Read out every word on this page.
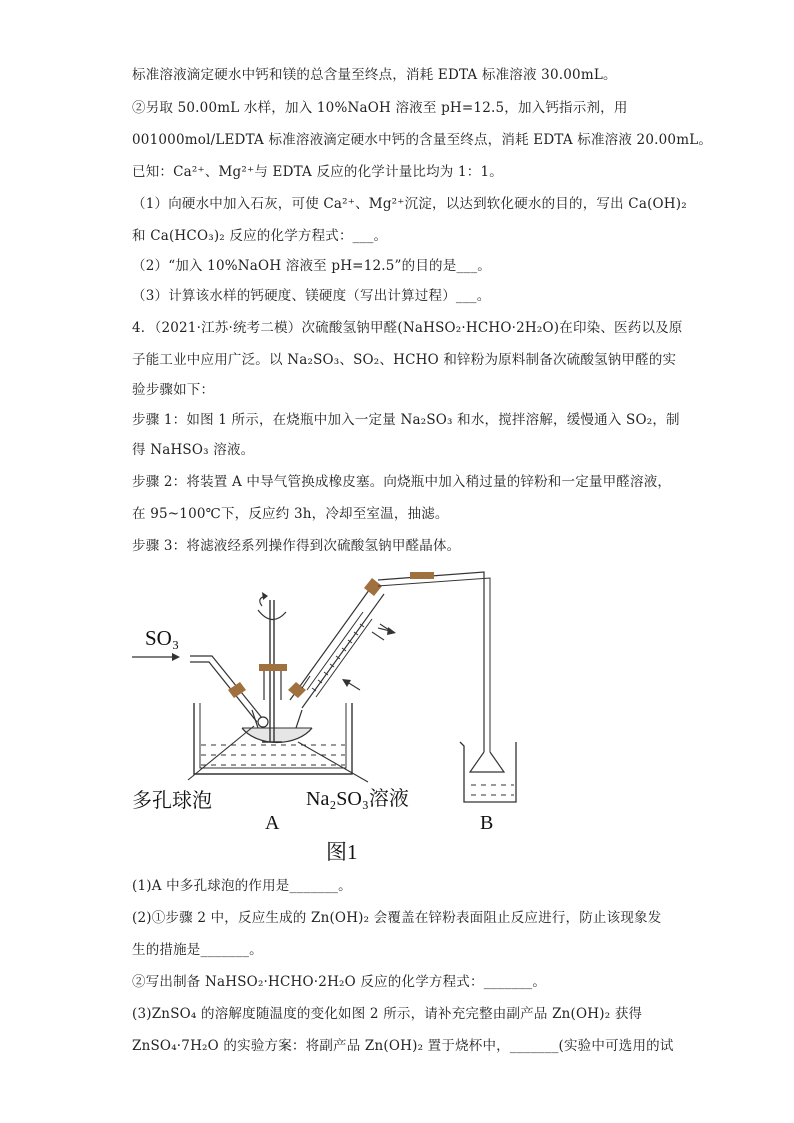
标准溶液滴定硬水中钙和镁的总含量至终点，消耗 EDTA 标准溶液 30.00mL。
②另取 50.00mL 水样，加入 10%NaOH 溶液至 pH=12.5，加入钙指示剂，用
001000mol/LEDTA 标准溶液滴定硬水中钙的含量至终点，消耗 EDTA 标准溶液 20.00mL。
已知：Ca²⁺、Mg²⁺与 EDTA 反应的化学计量比均为 1：1。
（1）向硬水中加入石灰，可使 Ca²⁺、Mg²⁺沉淀，以达到软化硬水的目的，写出 Ca(OH)₂
和 Ca(HCO₃)₂ 反应的化学方程式：___。
（2）“加入 10%NaOH 溶液至 pH=12.5”的目的是___。
（3）计算该水样的钙硬度、镁硬度（写出计算过程）___。
4．（2021·江苏·统考二模）次硫酸氢钠甲醛(NaHSO₂·HCHO·2H₂O)在印染、医药以及原
子能工业中应用广泛。以 Na₂SO₃、SO₂、HCHO 和锌粉为原料制备次硫酸氢钠甲醛的实
验步骤如下：
步骤 1：如图 1 所示，在烧瓶中加入一定量 Na₂SO₃ 和水，搅拌溶解，缓慢通入 SO₂，制
得 NaHSO₃ 溶液。
步骤 2：将装置 A 中导气管换成橡皮塞。向烧瓶中加入稍过量的锌粉和一定量甲醛溶液，
在 95~100℃下，反应约 3h，冷却至室温，抽滤。
步骤 3：将滤液经系列操作得到次硫酸氢钠甲醛晶体。
SO₃
多孔球泡	Na₂SO₃溶液
A	B
图1
(1)A 中多孔球泡的作用是_______。
(2)①步骤 2 中，反应生成的 Zn(OH)₂ 会覆盖在锌粉表面阻止反应进行，防止该现象发
生的措施是_______。
②写出制备 NaHSO₂·HCHO·2H₂O 反应的化学方程式：_______。
(3)ZnSO₄ 的溶解度随温度的变化如图 2 所示，请补充完整由副产品 Zn(OH)₂ 获得
ZnSO₄·7H₂O 的实验方案：将副产品 Zn(OH)₂ 置于烧杯中，_______(实验中可选用的试
